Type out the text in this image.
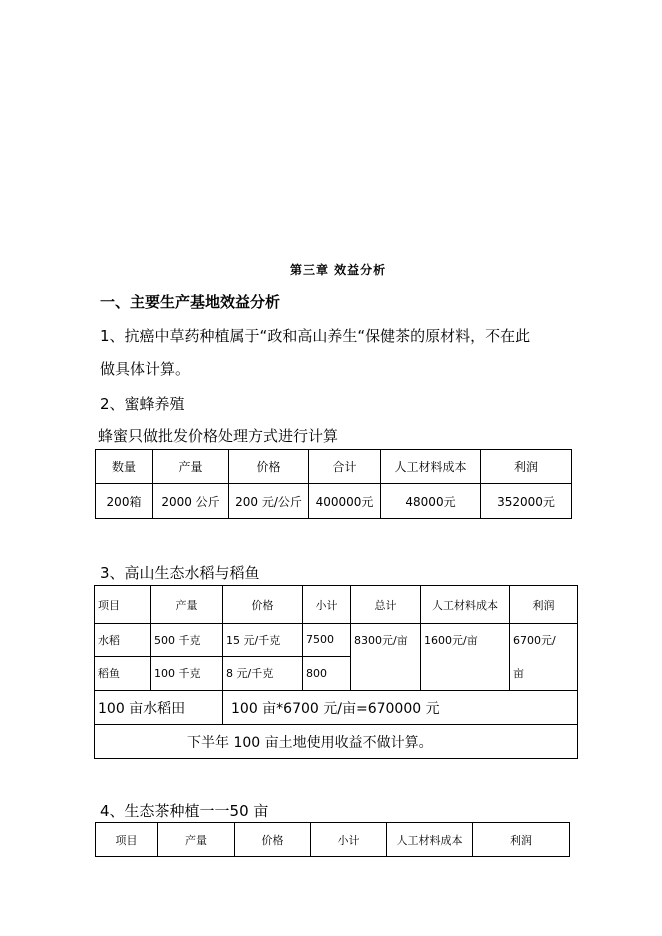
第三章 效益分析
一、主要生产基地效益分析
1、抗癌中草药种植属于“政和高山养生“保健茶的原材料，不在此
做具体计算。
2、蜜蜂养殖
蜂蜜只做批发价格处理方式进行计算
数量	产量	价格	合计	人工材料成本	利润
200箱	2000 公斤	200 元/公斤	400000元	48000元	352000元
3、高山生态水稻与稻鱼
项目	产量	价格	小计	总计	人工材料成本	利润
水稻	500 千克	15 元/千克	7500	8300元/亩	1600元/亩	6700元/
亩

稻鱼	100 千克	8 元/千克	800			
100 亩水稻田		100 亩*6700 元/亩=670000 元				
下半年 100 亩土地使用收益不做计算。						
4、生态茶种植一一50 亩
项目	产量	价格	小计	人工材料成本	利润
